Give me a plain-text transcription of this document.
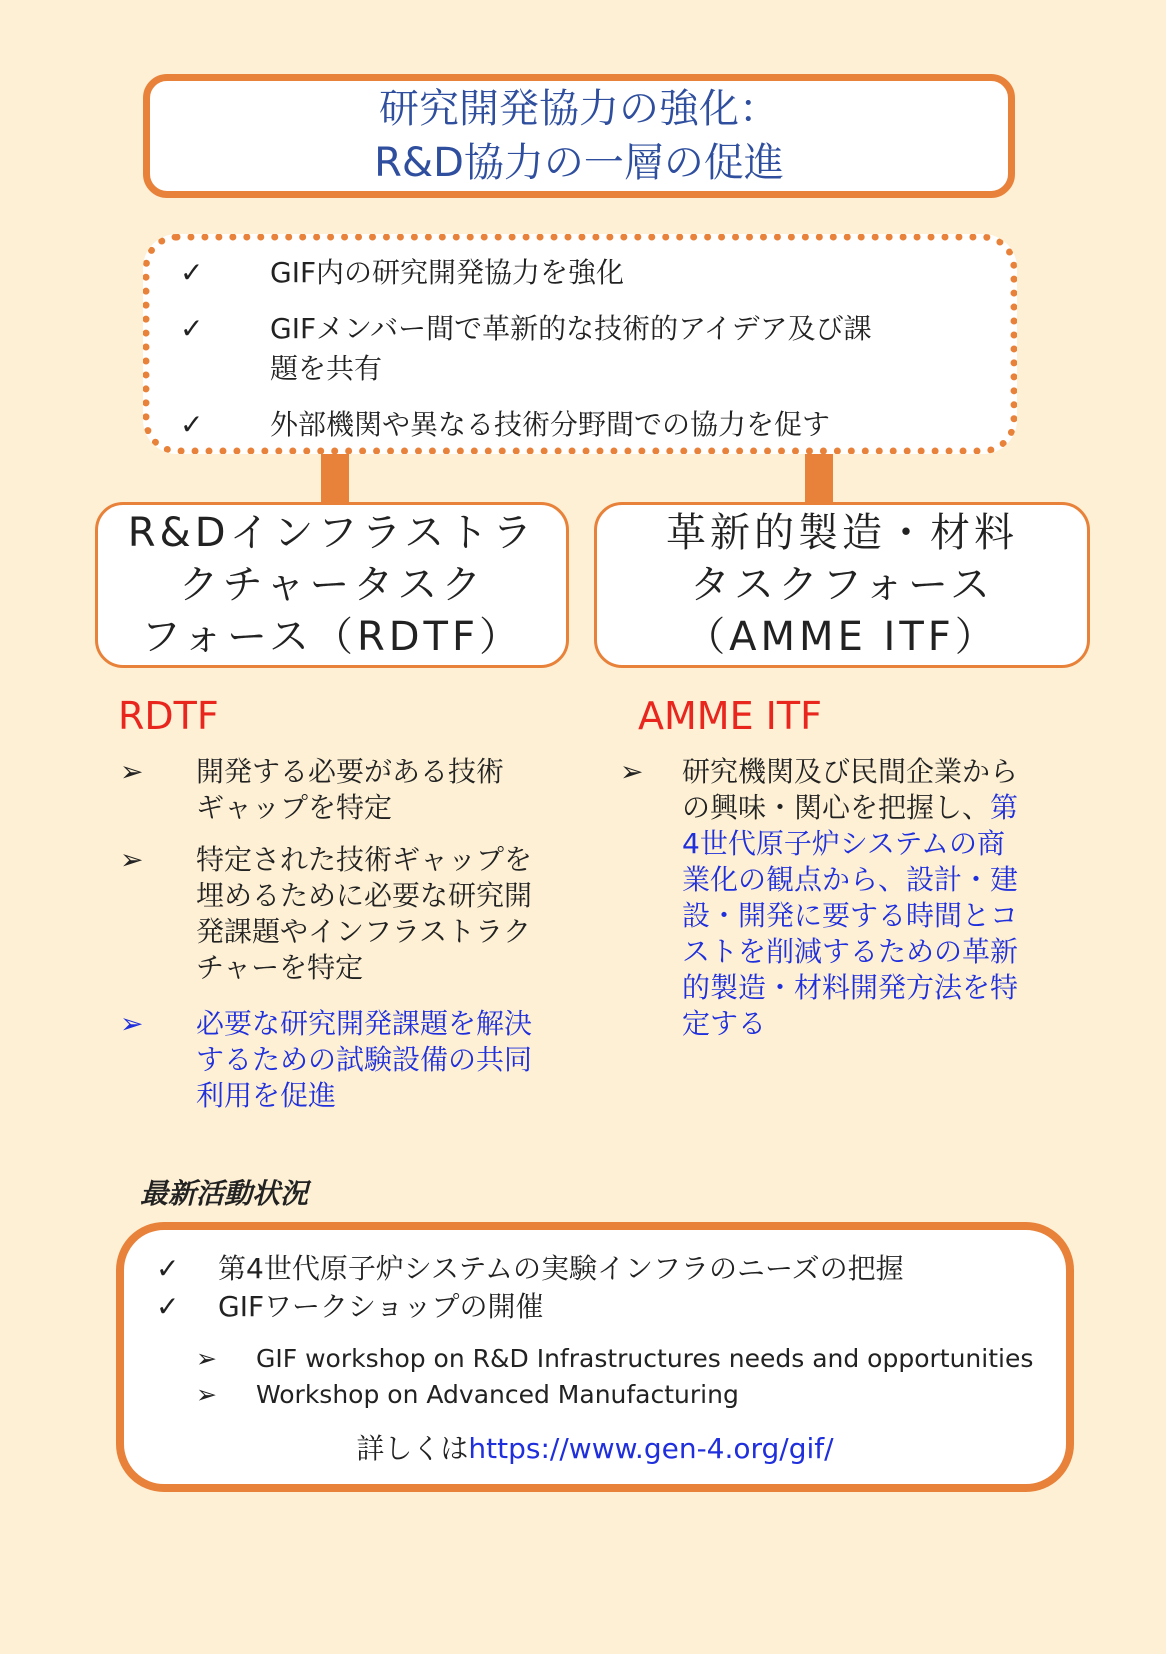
研究開発協力の強化：
R&D協力の一層の促進
✓	GIF内の研究開発協力を強化
✓	GIFメンバー間で革新的な技術的アイデア及び課
題を共有
✓	外部機関や異なる技術分野間での協力を促す
R&Dインフラストラ
クチャータスク
フォース（RDTF）
革新的製造・材料
タスクフォース
（AMME ITF）
RDTF
➢ 開発する必要がある技術
ギャップを特定
➢ 特定された技術ギャップを
埋めるために必要な研究開
発課題やインフラストラク
チャーを特定
➢ 必要な研究開発課題を解決
するための試験設備の共同
利用を促進
AMME ITF
➢ 研究機関及び民間企業から
の興味・関心を把握し、第
4世代原子炉システムの商
業化の観点から、設計・建
設・開発に要する時間とコ
ストを削減するための革新
的製造・材料開発方法を特
定する
最新活動状況
✓ 第4世代原子炉システムの実験インフラのニーズの把握
✓ GIFワークショップの開催
➢ GIF workshop on R&D Infrastructures needs and opportunities
➢ Workshop on Advanced Manufacturing
詳しくはhttps://www.gen-4.org/gif/
